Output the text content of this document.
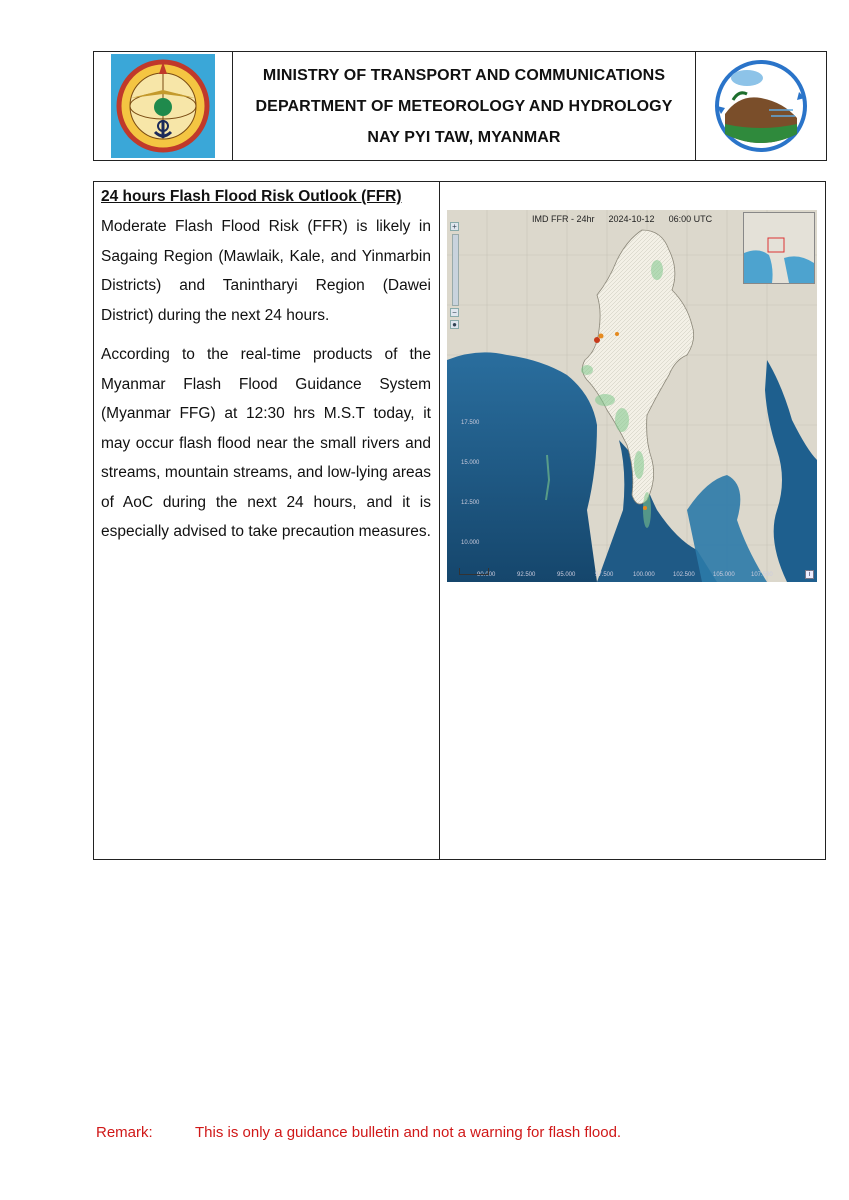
MINISTRY OF TRANSPORT AND COMMUNICATIONS
DEPARTMENT OF METEOROLOGY AND HYDROLOGY
NAY PYI TAW, MYANMAR
24 hours Flash Flood Risk Outlook (FFR)

Moderate Flash Flood Risk (FFR) is likely in Sagaing Region (Mawlaik, Kale, and Yinmarbin Districts) and Tanintharyi Region (Dawei District) during the next 24 hours.

According to the real-time products of the Myanmar Flash Flood Guidance System (Myanmar FFG) at 12:30 hrs M.S.T today, it may occur flash flood near the small rivers and streams, mountain streams, and low-lying areas of AoC during the next 24 hours, and it is especially advised to take precaution measures.

IMD FFR - 24hr 2024-10-12 06:00 UTC
+
−
●
17.500
15.000
12.500
10.000
90.000	92.500	95.000	97.500	100.000	102.500	105.000	107.500	i
Remark:	This is only a guidance bulletin and not a warning for flash flood.
